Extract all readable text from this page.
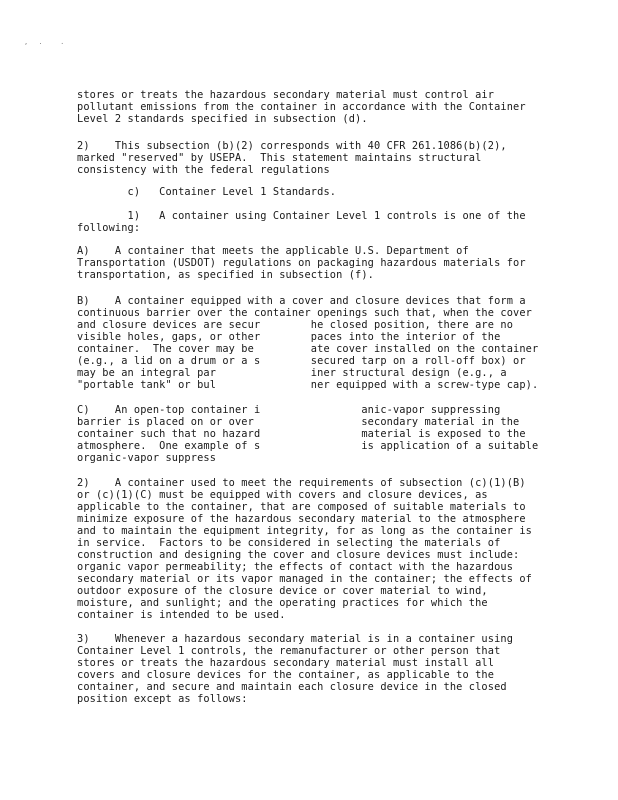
, .  .
stores or treats the hazardous secondary material must control air
pollutant emissions from the container in accordance with the Container
Level 2 standards specified in subsection (d).
2)    This subsection (b)(2) corresponds with 40 CFR 261.1086(b)(2),
marked "reserved" by USEPA.  This statement maintains structural
consistency with the federal regulations
c)   Container Level 1 Standards.
1)   A container using Container Level 1 controls is one of the
following:
A)    A container that meets the applicable U.S. Department of
Transportation (USDOT) regulations on packaging hazardous materials for
transportation, as specified in subsection (f).
B)    A container equipped with a cover and closure devices that form a
continuous barrier over the container openings such that, when the cover
and closure devices are secur        he closed position, there are no
visible holes, gaps, or other        paces into the interior of the
container.  The cover may be         ate cover installed on the container
(e.g., a lid on a drum or a s        secured tarp on a roll-off box) or
may be an integral par               iner structural design (e.g., a
"portable tank" or bul               ner equipped with a screw-type cap).
C)    An open-top container i                anic-vapor suppressing
barrier is placed on or over                 secondary material in the
container such that no hazard                material is exposed to the
atmosphere.  One example of s                is application of a suitable
organic-vapor suppress
2)    A container used to meet the requirements of subsection (c)(1)(B)
or (c)(1)(C) must be equipped with covers and closure devices, as
applicable to the container, that are composed of suitable materials to
minimize exposure of the hazardous secondary material to the atmosphere
and to maintain the equipment integrity, for as long as the container is
in service.  Factors to be considered in selecting the materials of
construction and designing the cover and closure devices must include:
organic vapor permeability; the effects of contact with the hazardous
secondary material or its vapor managed in the container; the effects of
outdoor exposure of the closure device or cover material to wind,
moisture, and sunlight; and the operating practices for which the
container is intended to be used.
3)    Whenever a hazardous secondary material is in a container using
Container Level 1 controls, the remanufacturer or other person that
stores or treats the hazardous secondary material must install all
covers and closure devices for the container, as applicable to the
container, and secure and maintain each closure device in the closed
position except as follows:
